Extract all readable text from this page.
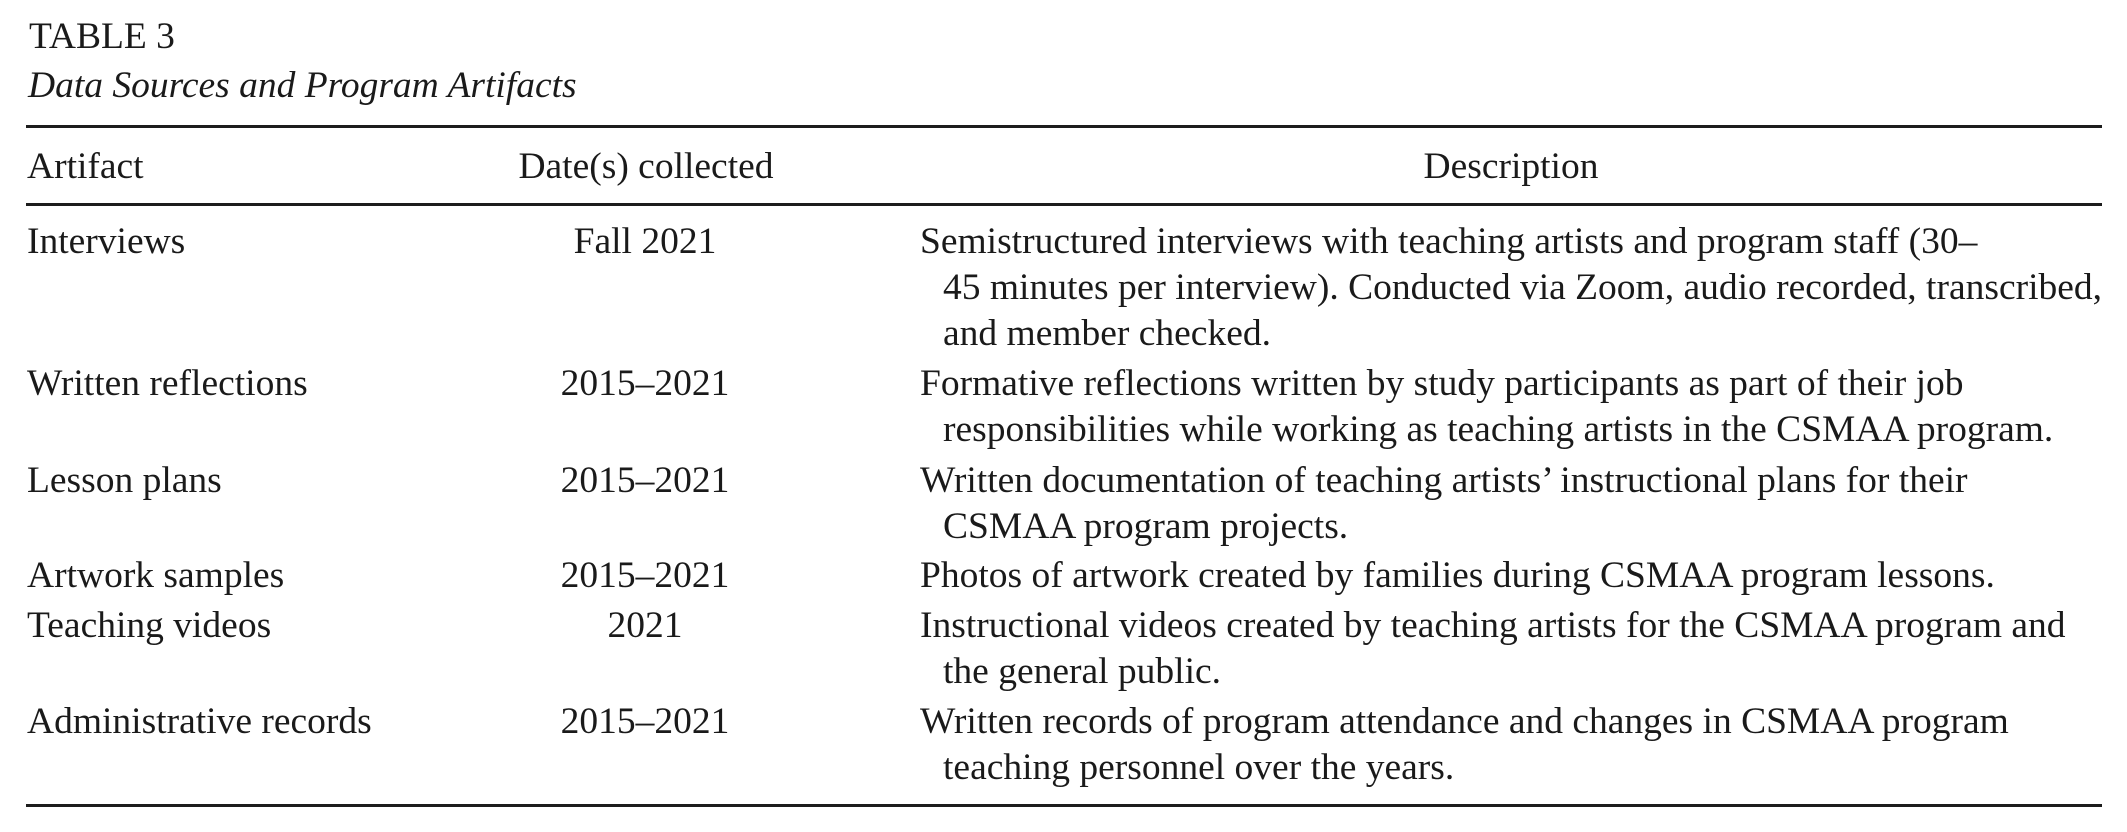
TABLE 3
Data Sources and Program Artifacts
Artifact	Date(s) collected	Description
Interviews	Fall 2021	Semistructured interviews with teaching artists and program staff (30–
45 minutes per interview). Conducted via Zoom, audio recorded, transcribed,
and member checked.
Written reflections	2015–2021	Formative reflections written by study participants as part of their job
responsibilities while working as teaching artists in the CSMAA program.
Lesson plans	2015–2021	Written documentation of teaching artists’ instructional plans for their
CSMAA program projects.
Artwork samples	2015–2021	Photos of artwork created by families during CSMAA program lessons.
Teaching videos	2021	Instructional videos created by teaching artists for the CSMAA program and
the general public.
Administrative records	2015–2021	Written records of program attendance and changes in CSMAA program
teaching personnel over the years.
